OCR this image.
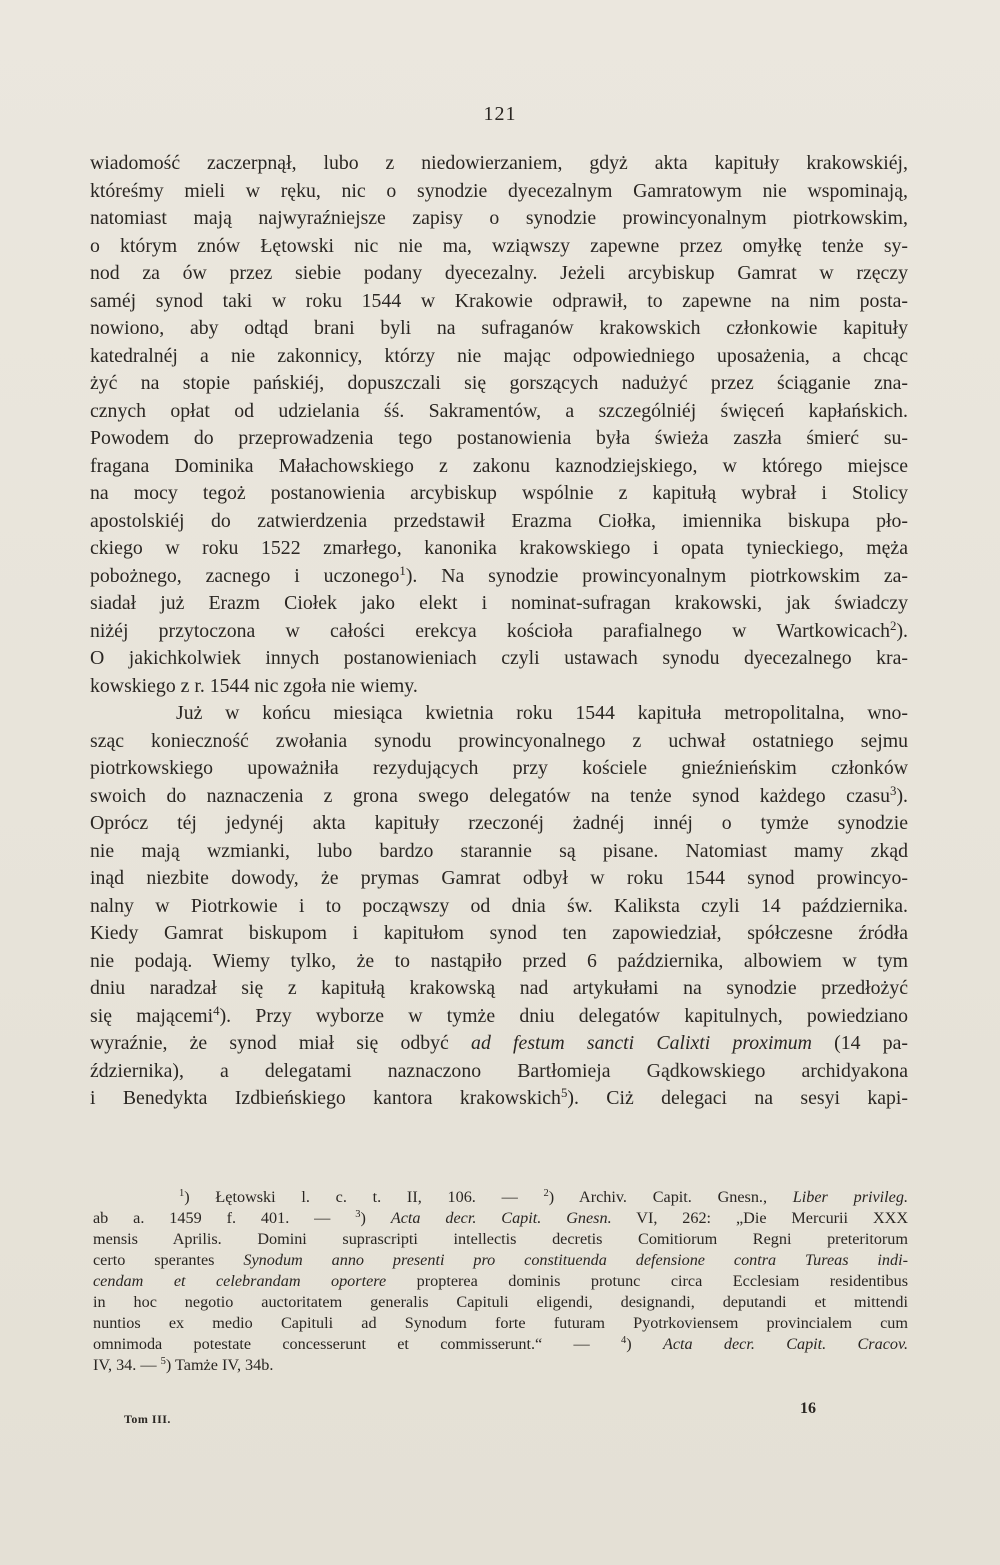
121
wiadomość zaczerpnął, lubo z niedowierzaniem, gdyż akta kapituły krakowskiéj,
któreśmy mieli w ręku, nic o synodzie dyecezalnym Gamratowym nie wspominają,
natomiast mają najwyraźniejsze zapisy o synodzie prowincyonalnym piotrkowskim,
o którym znów Łętowski nic nie ma, wziąwszy zapewne przez omyłkę tenże sy-
nod za ów przez siebie podany dyecezalny. Jeżeli arcybiskup Gamrat w rzęczy
saméj synod taki w roku 1544 w Krakowie odprawił, to zapewne na nim posta-
nowiono, aby odtąd brani byli na sufraganów krakowskich członkowie kapituły
katedralnéj a nie zakonnicy, którzy nie mając odpowiedniego uposażenia, a chcąc
żyć na stopie pańskiéj, dopuszczali się gorszących nadużyć przez ściąganie zna-
cznych opłat od udzielania śś. Sakramentów, a szczególniéj święceń kapłańskich.
Powodem do przeprowadzenia tego postanowienia była świeża zaszła śmierć su-
fragana Dominika Małachowskiego z zakonu kaznodziejskiego, w którego miejsce
na mocy tegoż postanowienia arcybiskup wspólnie z kapitułą wybrał i Stolicy
apostolskiéj do zatwierdzenia przedstawił Erazma Ciołka, imiennika biskupa pło-
ckiego w roku 1522 zmarłego, kanonika krakowskiego i opata tynieckiego, męża
pobożnego, zacnego i uczonego$^1$). Na synodzie prowincyonalnym piotrkowskim za-
siadał już Erazm Ciołek jako elekt i nominat-sufragan krakowski, jak świadczy
niżéj przytoczona w całości erekcya kościoła parafialnego w Wartkowicach$^2$).
O jakichkolwiek innych postanowieniach czyli ustawach synodu dyecezalnego kra-
kowskiego z r. 1544 nic zgoła nie wiemy.
Już w końcu miesiąca kwietnia roku 1544 kapituła metropolitalna, wno-
sząc konieczność zwołania synodu prowincyonalnego z uchwał ostatniego sejmu
piotrkowskiego upoważniła rezydujących przy kościele gnieźnieńskim członków
swoich do naznaczenia z grona swego delegatów na tenże synod każdego czasu$^3$).
Oprócz téj jedynéj akta kapituły rzeczonéj żadnéj innéj o tymże synodzie
nie mają wzmianki, lubo bardzo starannie są pisane. Natomiast mamy zkąd
inąd niezbite dowody, że prymas Gamrat odbył w roku 1544 synod prowincyo-
nalny w Piotrkowie i to począwszy od dnia św. Kaliksta czyli 14 października.
Kiedy Gamrat biskupom i kapitułom synod ten zapowiedział, spółczesne źródła
nie podają. Wiemy tylko, że to nastąpiło przed 6 października, albowiem w tym
dniu naradzał się z kapitułą krakowską nad artykułami na synodzie przedłożyć
się mającemi$^4$). Przy wyborze w tymże dniu delegatów kapitulnych, powiedziano
wyraźnie, że synod miał się odbyć ad festum sancti Calixti proximum (14 pa-
ździernika), a delegatami naznaczono Bartłomieja Gądkowskiego archidyakona
i Benedykta Izdbieńskiego kantora krakowskich$^5$). Ciż delegaci na sesyi kapi-
$^1$) Łętowski l. c. t. II, 106. — $^2$) Archiv. Capit. Gnesn., Liber privileg.
ab a. 1459 f. 401. — $^3$) Acta decr. Capit. Gnesn. VI, 262: „Die Mercurii XXX
mensis Aprilis. Domini suprascripti intellectis decretis Comitiorum Regni preteritorum
certo sperantes Synodum anno presenti pro constituenda defensione contra Tureas indi-
cendam et celebrandam oportere propterea dominis protunc circa Ecclesiam residentibus
in hoc negotio auctoritatem generalis Capituli eligendi, designandi, deputandi et mittendi
nuntios ex medio Capituli ad Synodum forte futuram Pyotrkoviensem provincialem cum
omnimoda potestate concesserunt et commisserunt.“ — $^4$) Acta decr. Capit. Cracov.
IV, 34. — $^5$) Tamże IV, 34b.
Tom III.
16
